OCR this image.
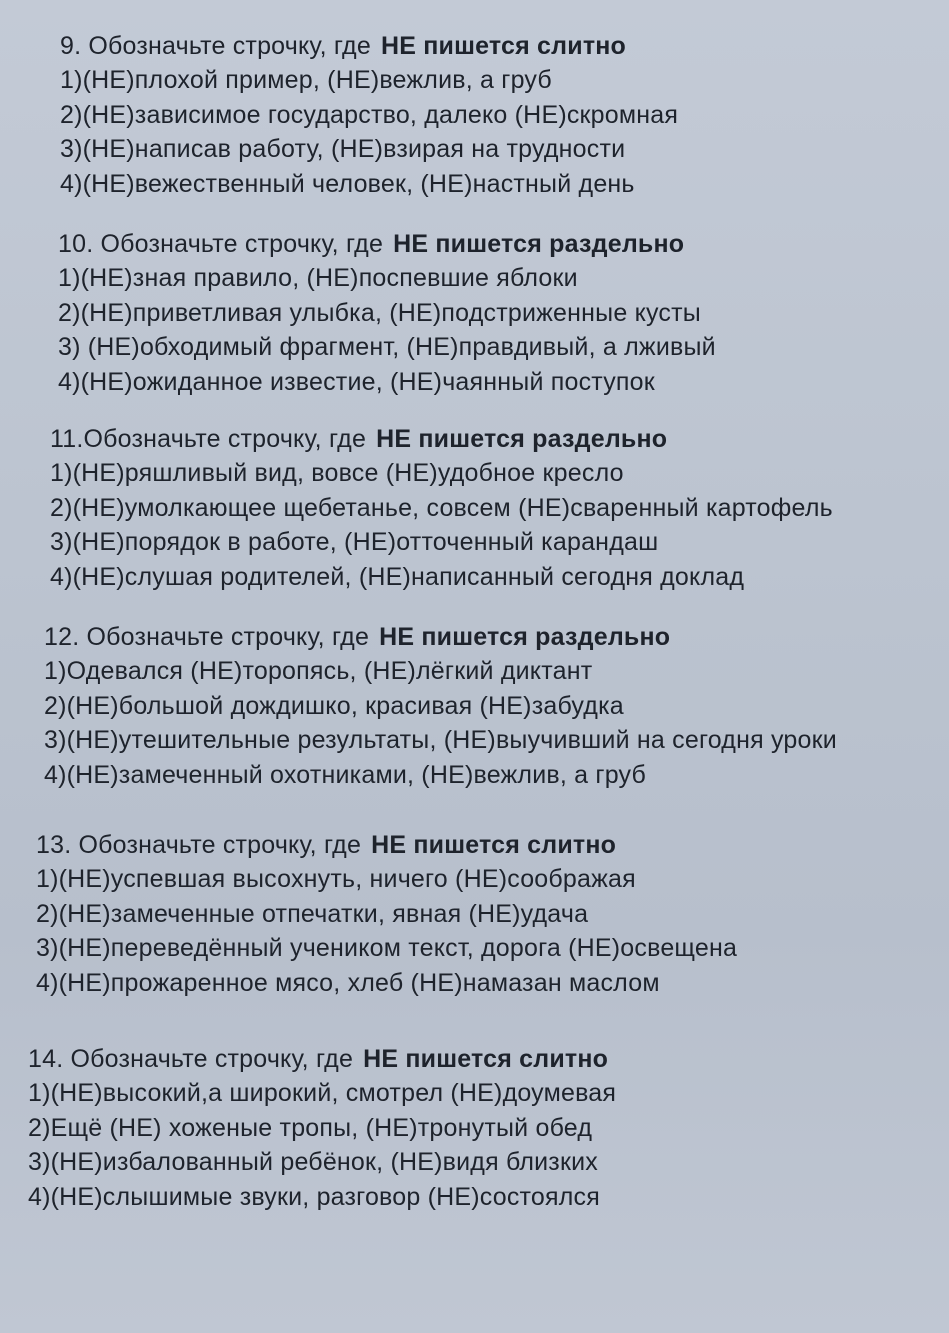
9. Обозначьте строчку, где НЕ пишется слитно
1)(НЕ)плохой пример, (НЕ)вежлив, а груб
2)(НЕ)зависимое государство, далеко (НЕ)скромная
3)(НЕ)написав работу, (НЕ)взирая на трудности
4)(НЕ)вежественный человек, (НЕ)настный день
10. Обозначьте строчку, где НЕ пишется раздельно
1)(НЕ)зная правило, (НЕ)поспевшие яблоки
2)(НЕ)приветливая улыбка, (НЕ)подстриженные кусты
3) (НЕ)обходимый фрагмент, (НЕ)правдивый, а лживый
4)(НЕ)ожиданное известие, (НЕ)чаянный поступок
11.Обозначьте строчку, где НЕ пишется раздельно
1)(НЕ)ряшливый вид, вовсе (НЕ)удобное кресло
2)(НЕ)умолкающее щебетанье, совсем (НЕ)сваренный картофель
3)(НЕ)порядок в работе, (НЕ)отточенный карандаш
4)(НЕ)слушая родителей, (НЕ)написанный сегодня доклад
12. Обозначьте строчку, где НЕ пишется раздельно
1)Одевался (НЕ)торопясь, (НЕ)лёгкий диктант
2)(НЕ)большой дождишко, красивая (НЕ)забудка
3)(НЕ)утешительные результаты, (НЕ)выучивший на сегодня уроки
4)(НЕ)замеченный охотниками, (НЕ)вежлив, а груб
13. Обозначьте строчку, где НЕ пишется слитно
1)(НЕ)успевшая высохнуть, ничего (НЕ)соображая
2)(НЕ)замеченные отпечатки, явная (НЕ)удача
3)(НЕ)переведённый учеником текст, дорога (НЕ)освещена
4)(НЕ)прожаренное мясо, хлеб (НЕ)намазан маслом
14. Обозначьте строчку, где НЕ пишется слитно
1)(НЕ)высокий,а широкий, смотрел (НЕ)доумевая
2)Ещё (НЕ) хоженые тропы, (НЕ)тронутый обед
3)(НЕ)избалованный ребёнок, (НЕ)видя близких
4)(НЕ)слышимые звуки, разговор (НЕ)состоялся
